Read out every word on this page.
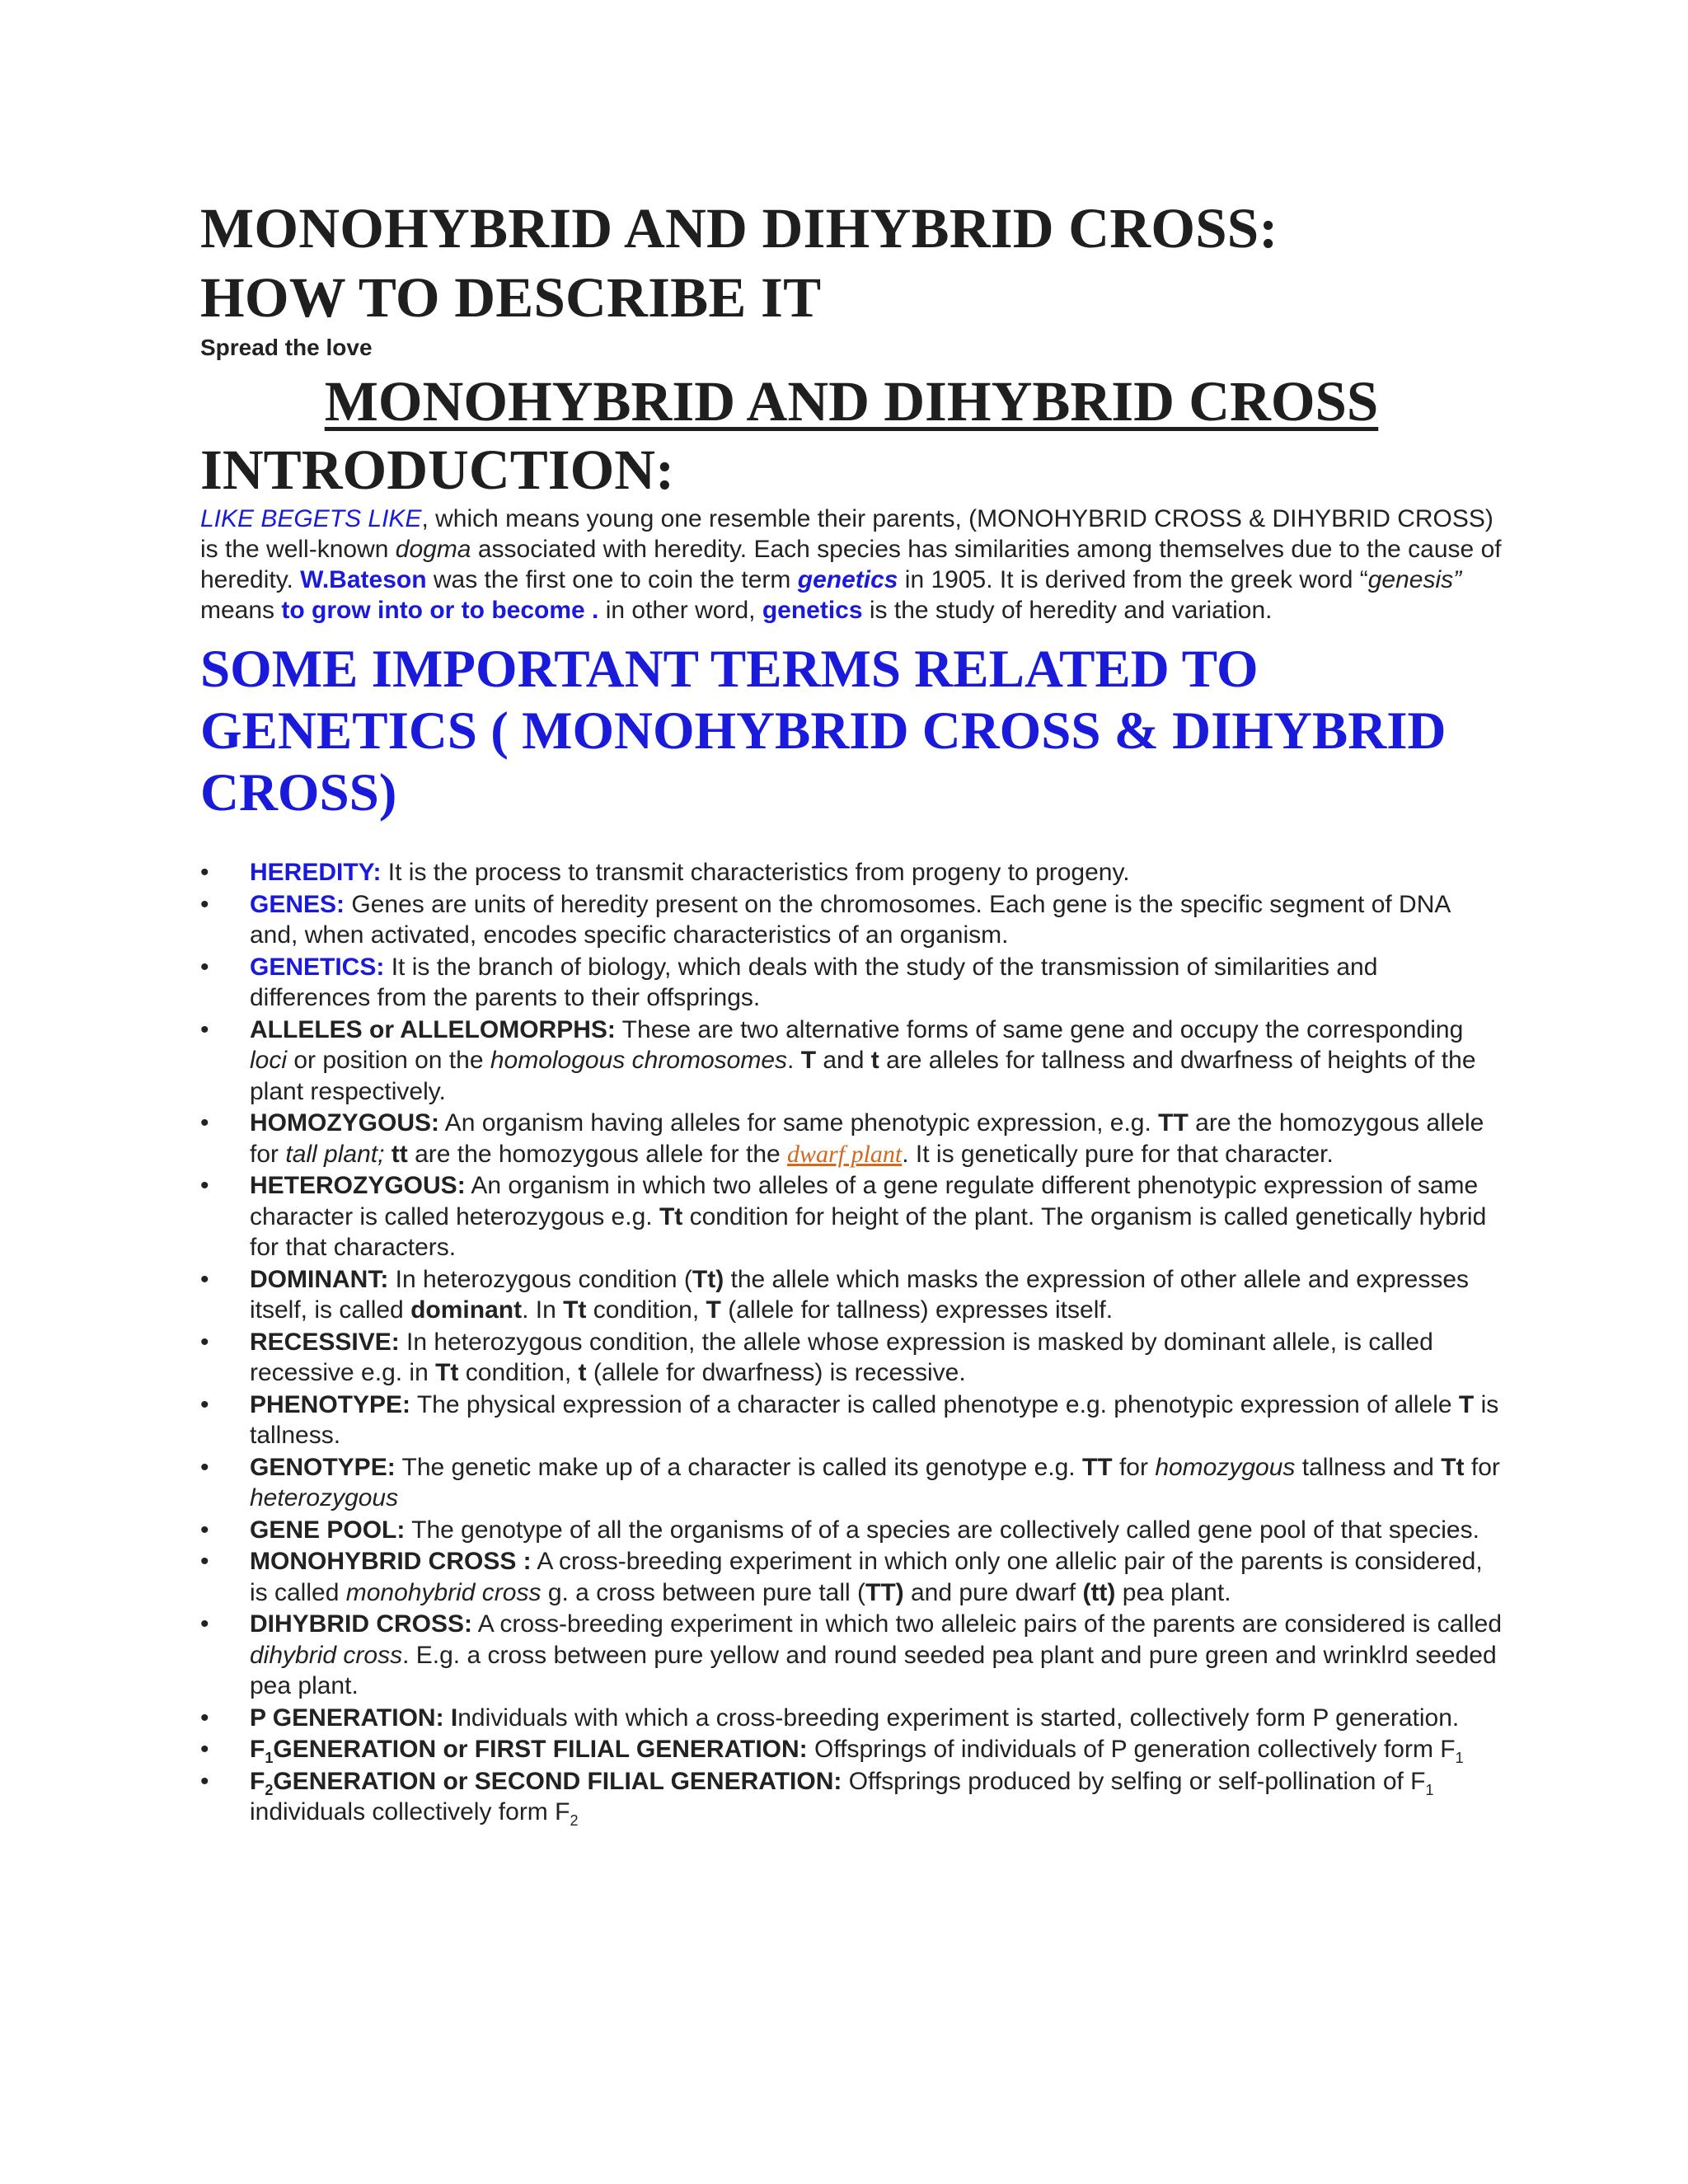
MONOHYBRID AND DIHYBRID CROSS:
HOW TO DESCRIBE IT
Spread the love
MONOHYBRID AND DIHYBRID CROSS
INTRODUCTION:

LIKE BEGETS LIKE, which means young one resemble their parents, (MONOHYBRID CROSS & DIHYBRID CROSS) is the well-known dogma associated with heredity. Each species has similarities among themselves due to the cause of heredity. W.Bateson was the first one to coin the term genetics in 1905. It is derived from the greek word “genesis” means to grow into or to become . in other word, genetics is the study of heredity and variation.

SOME IMPORTANT TERMS RELATED TO GENETICS ( MONOHYBRID CROSS & DIHYBRID CROSS)
• HEREDITY: It is the process to transmit characteristics from progeny to progeny.
• GENES: Genes are units of heredity present on the chromosomes. Each gene is the specific segment of DNA and, when activated, encodes specific characteristics of an organism.
• GENETICS: It is the branch of biology, which deals with the study of the transmission of similarities and differences from the parents to their offsprings.
• ALLELES or ALLELOMORPHS: These are two alternative forms of same gene and occupy the corresponding loci or position on the homologous chromosomes. T and t are alleles for tallness and dwarfness of heights of the plant respectively.
• HOMOZYGOUS: An organism having alleles for same phenotypic expression, e.g. TT are the homozygous allele for tall plant; tt are the homozygous allele for the dwarf plant. It is genetically pure for that character.
• HETEROZYGOUS: An organism in which two alleles of a gene regulate different phenotypic expression of same character is called heterozygous e.g. Tt condition for height of the plant. The organism is called genetically hybrid for that characters.
• DOMINANT: In heterozygous condition (Tt) the allele which masks the expression of other allele and expresses itself, is called dominant. In Tt condition, T (allele for tallness) expresses itself.
• RECESSIVE: In heterozygous condition, the allele whose expression is masked by dominant allele, is called recessive e.g. in Tt condition, t (allele for dwarfness) is recessive.
• PHENOTYPE: The physical expression of a character is called phenotype e.g. phenotypic expression of allele T is tallness.
• GENOTYPE: The genetic make up of a character is called its genotype e.g. TT for homozygous tallness and Tt for heterozygous
• GENE POOL: The genotype of all the organisms of of a species are collectively called gene pool of that species.
• MONOHYBRID CROSS : A cross-breeding experiment in which only one allelic pair of the parents is considered, is called monohybrid cross g. a cross between pure tall (TT) and pure dwarf (tt) pea plant.
• DIHYBRID CROSS: A cross-breeding experiment in which two alleleic pairs of the parents are considered is called dihybrid cross. E.g. a cross between pure yellow and round seeded pea plant and pure green and wrinklrd seeded pea plant.
• P GENERATION: Individuals with which a cross-breeding experiment is started, collectively form P generation.
• $F_1GENERATION$ or FIRST FILIAL GENERATION: Offsprings of individuals of P generation collectively form $F_1$
• $F_2GENERATION$ or SECOND FILIAL GENERATION: Offsprings produced by selfing or self-pollination of $F_1$ individuals collectively form $F_2$
